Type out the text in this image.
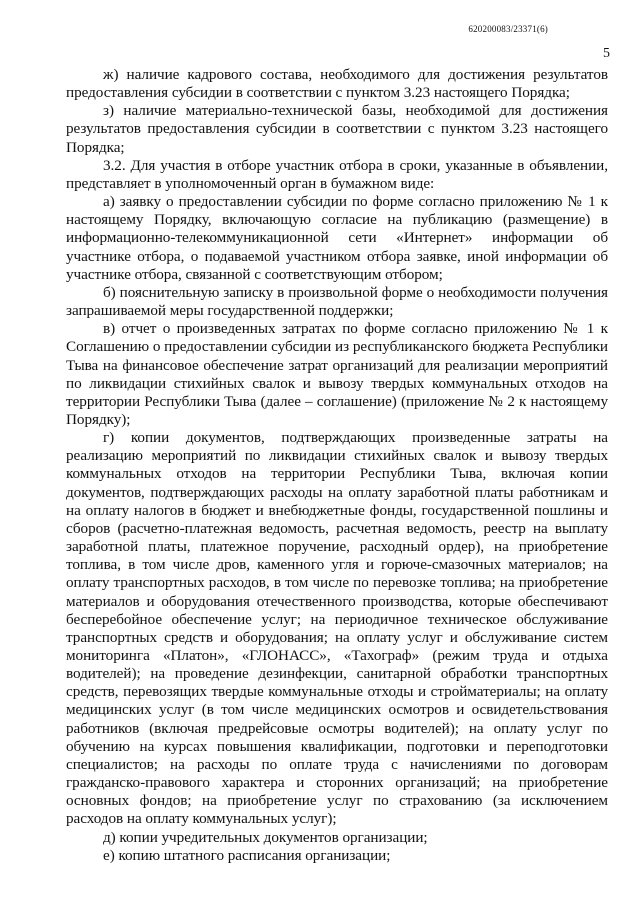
620200083/23371(6)
5

ж) наличие кадрового состава, необходимого для достижения результатов предоставления субсидии в соответствии с пунктом 3.23 настоящего Порядка;

з) наличие материально-технической базы, необходимой для достижения результатов предоставления субсидии в соответствии с пунктом 3.23 настоящего Порядка;

3.2. Для участия в отборе участник отбора в сроки, указанные в объявлении, представляет в уполномоченный орган в бумажном виде:

а) заявку о предоставлении субсидии по форме согласно приложению № 1 к настоящему Порядку, включающую согласие на публикацию (размещение) в информационно-телекоммуникационной сети «Интернет» информации об участнике отбора, о подаваемой участником отбора заявке, иной информации об участнике отбора, связанной с соответствующим отбором;

б) пояснительную записку в произвольной форме о необходимости получения запрашиваемой меры государственной поддержки;

в) отчет о произведенных затратах по форме согласно приложению № 1 к Соглашению о предоставлении субсидии из республиканского бюджета Республики Тыва на финансовое обеспечение затрат организаций для реализации мероприятий по ликвидации стихийных свалок и вывозу твердых коммунальных отходов на территории Республики Тыва (далее – соглашение) (приложение № 2 к настоящему Порядку);

г) копии документов, подтверждающих произведенные затраты на реализацию мероприятий по ликвидации стихийных свалок и вывозу твердых коммунальных отходов на территории Республики Тыва, включая копии документов, подтверждающих расходы на оплату заработной платы работникам и на оплату налогов в бюджет и внебюджетные фонды, государственной пошлины и сборов (расчетно-платежная ведомость, расчетная ведомость, реестр на выплату заработной платы, платежное поручение, расходный ордер), на приобретение топлива, в том числе дров, каменного угля и горюче-смазочных материалов; на оплату транспортных расходов, в том числе по перевозке топлива; на приобретение материалов и оборудования отечественного производства, которые обеспечивают бесперебойное обеспечение услуг; на периодичное техническое обслуживание транспортных средств и оборудования; на оплату услуг и обслуживание систем мониторинга «Платон», «ГЛОНАСС», «Тахограф» (режим труда и отдыха водителей); на проведение дезинфекции, санитарной обработки транспортных средств, перевозящих твердые коммунальные отходы и стройматериалы; на оплату медицинских услуг (в том числе медицинских осмотров и освидетельствования работников (включая предрейсовые осмотры водителей); на оплату услуг по обучению на курсах повышения квалификации, подготовки и переподготовки специалистов; на расходы по оплате труда с начислениями по договорам гражданско-правового характера и сторонних организаций; на приобретение основных фондов; на приобретение услуг по страхованию (за исключением расходов на оплату коммунальных услуг);

д) копии учредительных документов организации;

е) копию штатного расписания организации;
